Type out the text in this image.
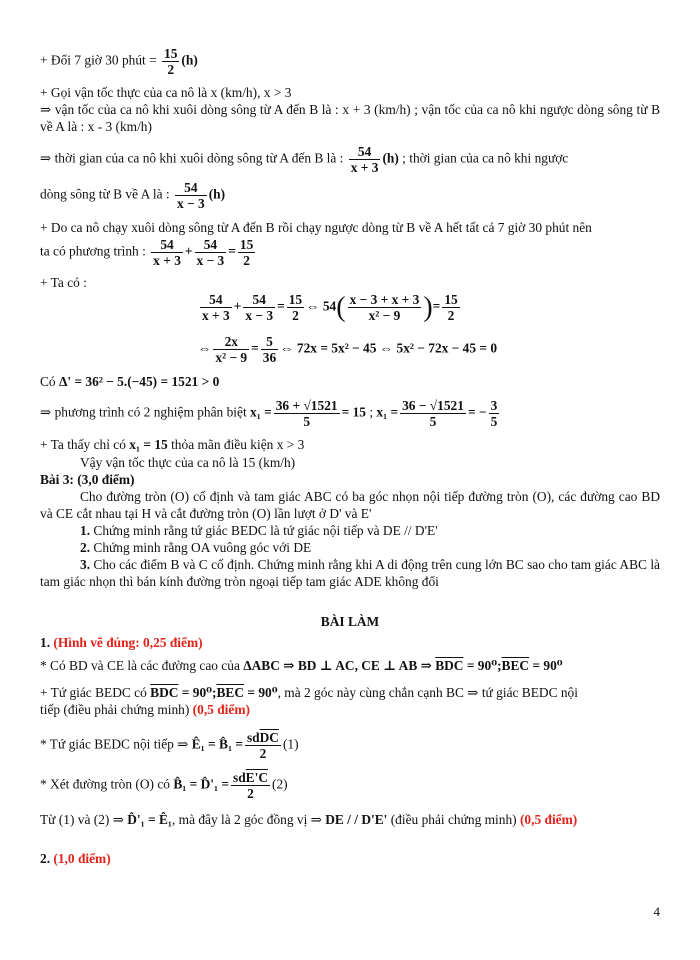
+ Đổi 7 giờ 30 phút = $\frac{15}{2} (h)$
+ Gọi vận tốc thực của ca nô là x (km/h), x > 3
⇒ vận tốc của ca nô khi xuôi dòng sông từ A đến B là : x + 3 (km/h) ; vận tốc của ca nô khi ngược dòng sông từ B về A là : x - 3 (km/h)
⇒ thời gian của ca nô khi xuôi dòng sông từ A đến B là : $\frac{54}{x + 3} (h)$ ; thời gian của ca nô khi ngược
dòng sông từ B về A là : $\frac{54}{x - 3} (h)$
+ Do ca nô chạy xuôi dòng sông từ A đến B rồi chạy ngược dòng từ B về A hết tất cả 7 giờ 30 phút nên
ta có phương trình : $\frac{54}{x + 3} + \frac{54}{x - 3} = \frac{15}{2}$
+ Ta có :
$\frac{54}{x + 3} + \frac{54}{x - 3} = \frac{15}{2}$ ⇔ $54( \frac{x - 3 + x + 3}{\text{x² − 9}}$ )= $\frac{15}{2}$
⇔ $\frac{2x}{\text{x² − 9}} = \frac{5}{36}$ ⇔ 72x = 5x² − 45 ⇔ 5x² − 72x − 45 = 0
Có Δ' = 36² − 5.(−45) = 1521 > 0
⇒ phương trình có 2 nghiệm phân biệt $x_1 = \frac{36 + √1521}{5} = 15$ ; $x_1 = \frac{36 - √1521}{5}$ = − $\frac{3}{5}$
+ Ta thấy chỉ có x₁ = 15 thỏa mãn điều kiện x > 3
Vậy vận tốc thực của ca nô là 15 (km/h)
Bài 3: (3,0 điểm)
Cho đường tròn (O) cố định và tam giác ABC có ba góc nhọn nội tiếp đường tròn (O), các đường cao BD và CE cắt nhau tại H và cắt đường tròn (O) lần lượt ở D' và E'
1. Chứng minh rằng tứ giác BEDC là tứ giác nội tiếp và DE // D'E'
2. Chứng minh rằng OA vuông góc với DE
3. Cho các điểm B và C cố định. Chứng minh rằng khi A di động trên cung lớn BC sao cho tam giác ABC là tam giác nhọn thì bán kính đường tròn ngoại tiếp tam giác ADE không đổi
BÀI LÀM
1. (Hình vẽ đúng: 0,25 điểm)
* Có BD và CE là các đường cao của ΔABC ⇒ BD ⊥ AC, CE ⊥ AB ⇒ $\overline{BDC}$ = $90^0;\overline{BEC} = 90^0$
+ Tứ giác BEDC có $\overline{BDC}$ = $90^0;\overline{BEC} = 90^0$, mà 2 góc này cùng chắn cạnh BC ⇒ tứ giác BEDC nội
tiếp (điều phải chứng minh) (0,5 điểm)
* Tứ giác BEDC nội tiếp ⇒ Ê₁ = B̂₁ = $\frac{sd\overline{DC}}{2} (1)$
* Xét đường tròn (O) có B̂₁ = D̂'₁ = $\frac{\text{sdE'C}}{2} (2)$
Từ (1) và (2) ⇒ D̂'₁ = Ê₁, mà đây là 2 góc đồng vị ⇒ DE / / D'E' (điều phải chứng minh) (0,5 điểm)
2. (1,0 điểm)
4
